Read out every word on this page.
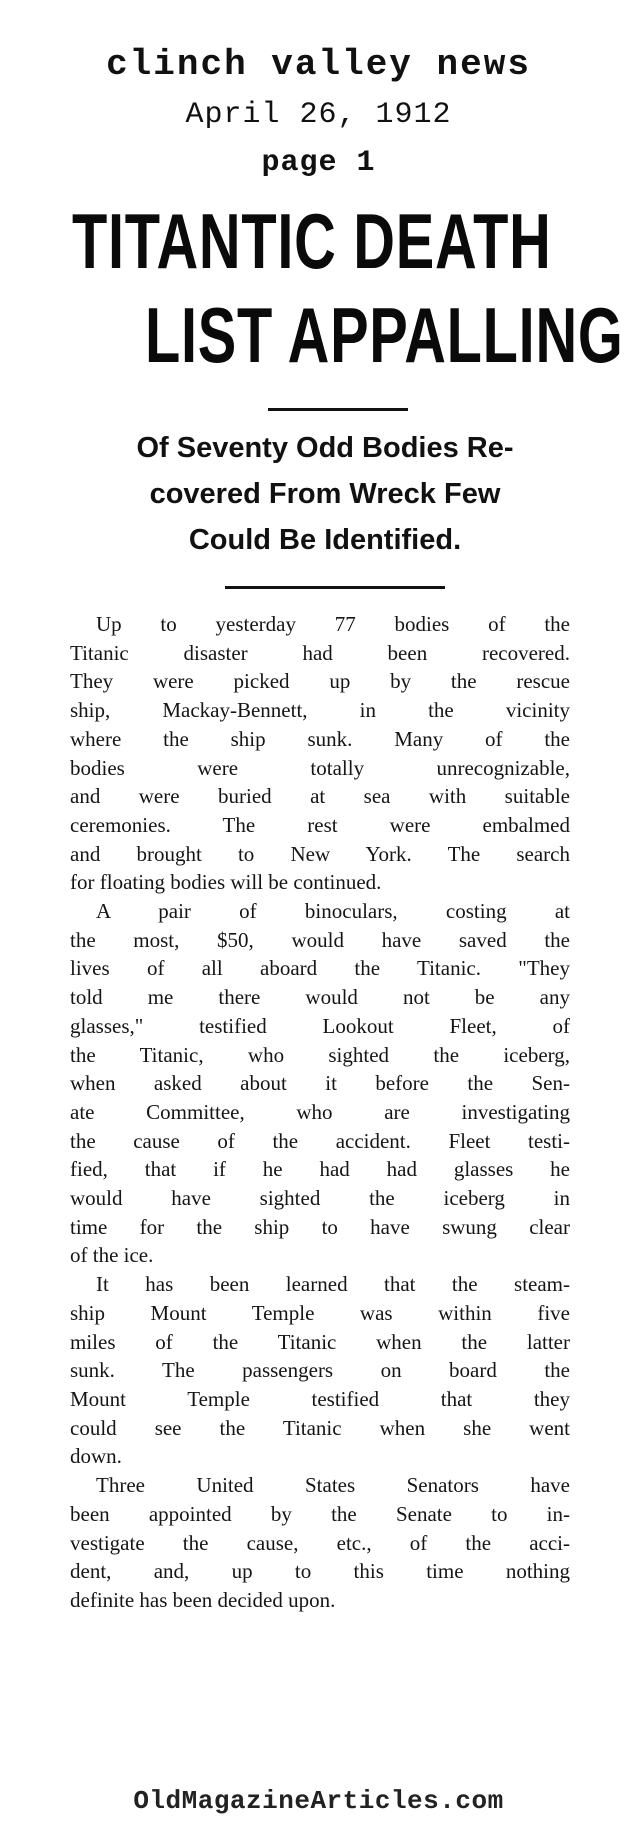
clinch valley news
April 26, 1912
page 1
TITANTIC DEATH
LIST APPALLING
Of Seventy Odd Bodies Re-
covered From Wreck Few
Could Be Identified.
Up to yesterday 77 bodies of the
Titanic disaster had been recovered.
They were picked up by the rescue
ship, Mackay-Bennett, in the vicinity
where the ship sunk. Many of the
bodies were totally unrecognizable,
and were buried at sea with suitable
ceremonies. The rest were embalmed
and brought to New York. The search
for floating bodies will be continued.
A pair of binoculars, costing at
the most, $50, would have saved the
lives of all aboard the Titanic. "They
told me there would not be any
glasses," testified Lookout Fleet, of
the Titanic, who sighted the iceberg,
when asked about it before the Sen-
ate Committee, who are investigating
the cause of the accident. Fleet testi-
fied, that if he had had glasses he
would have sighted the iceberg in
time for the ship to have swung clear
of the ice.
It has been learned that the steam-
ship Mount Temple was within five
miles of the Titanic when the latter
sunk. The passengers on board the
Mount Temple testified that they
could see the Titanic when she went
down.
Three United States Senators have
been appointed by the Senate to in-
vestigate the cause, etc., of the acci-
dent, and, up to this time nothing
definite has been decided upon.
OldMagazineArticles.com
